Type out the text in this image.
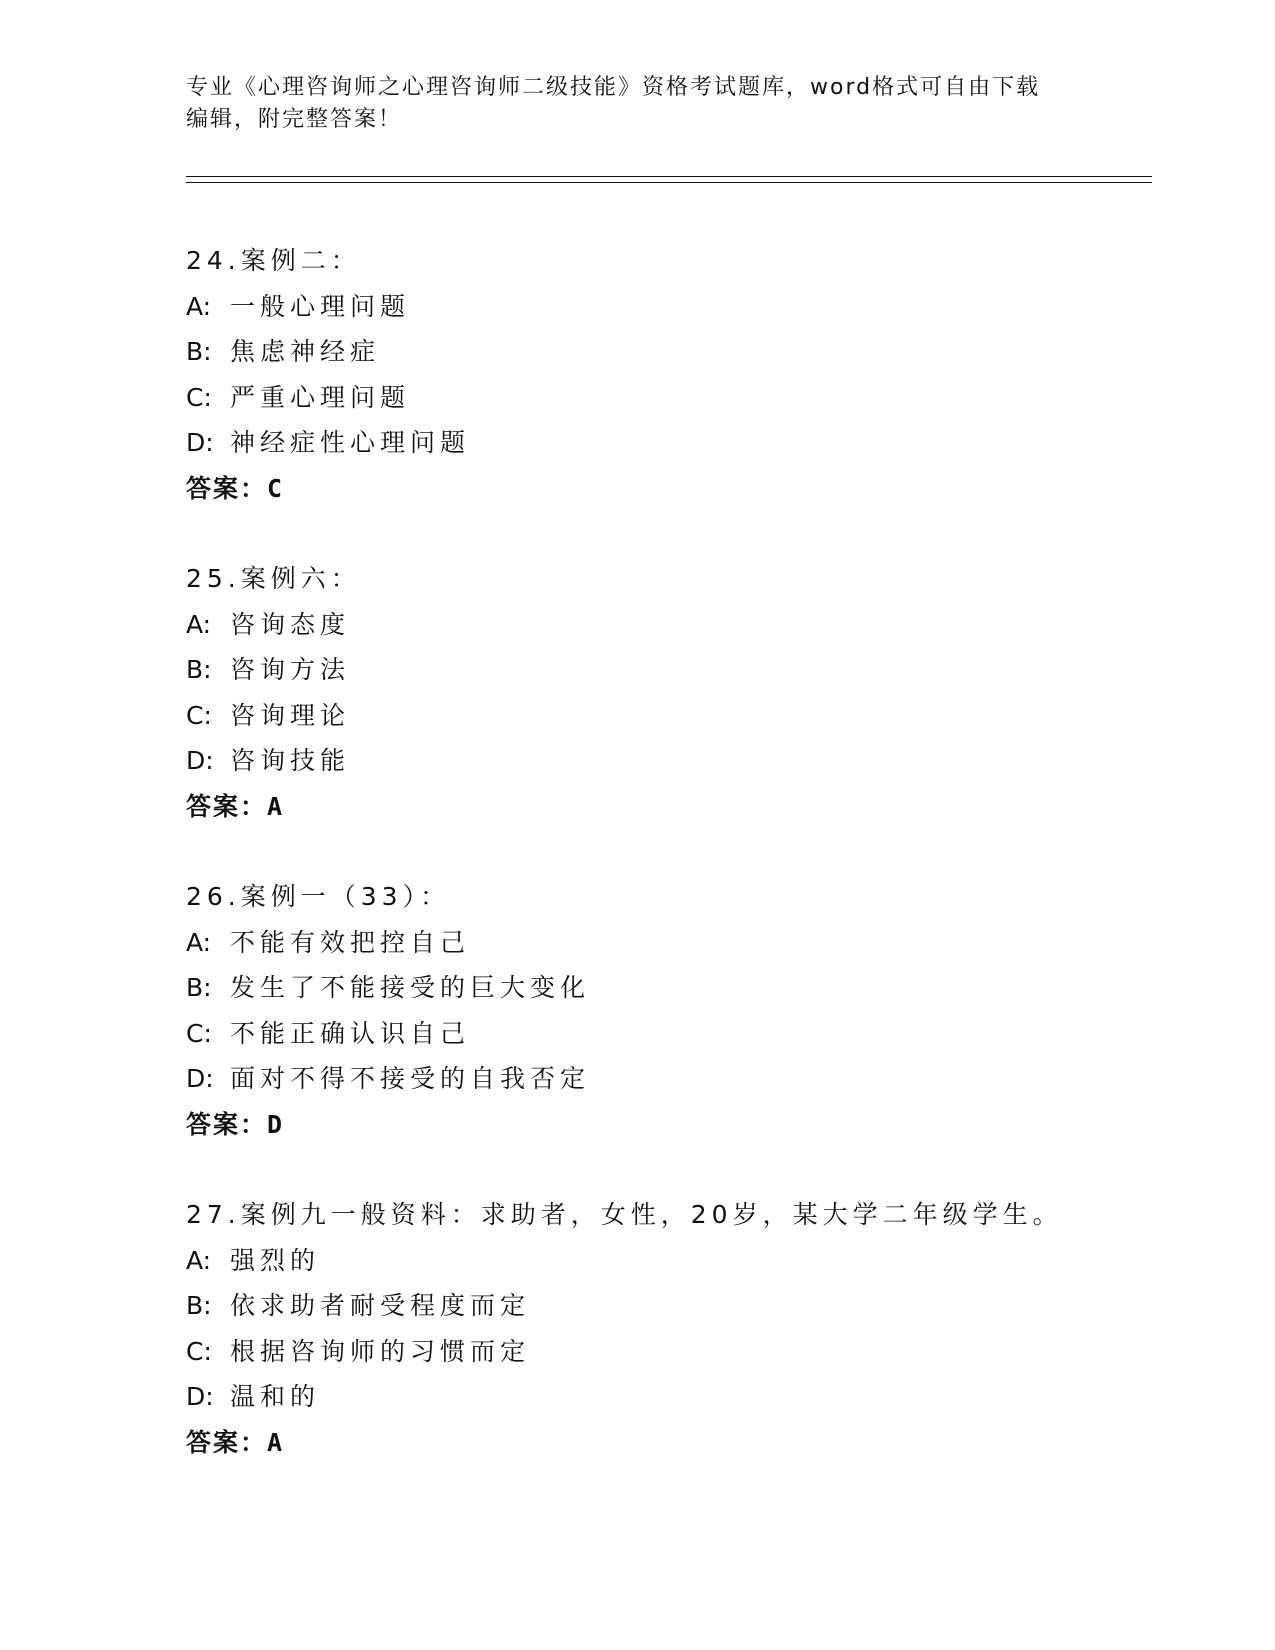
专业《心理咨询师之心理咨询师二级技能》资格考试题库，word格式可自由下载
编辑，附完整答案！
24.案例二：
A: 一般心理问题
B: 焦虑神经症
C: 严重心理问题
D: 神经症性心理问题
答案：C
25.案例六：
A: 咨询态度
B: 咨询方法
C: 咨询理论
D: 咨询技能
答案：A
26.案例一（33）：
A: 不能有效把控自己
B: 发生了不能接受的巨大变化
C: 不能正确认识自己
D: 面对不得不接受的自我否定
答案：D
27.案例九一般资料：求助者，女性，20岁，某大学二年级学生。
A: 强烈的
B: 依求助者耐受程度而定
C: 根据咨询师的习惯而定
D: 温和的
答案：A
